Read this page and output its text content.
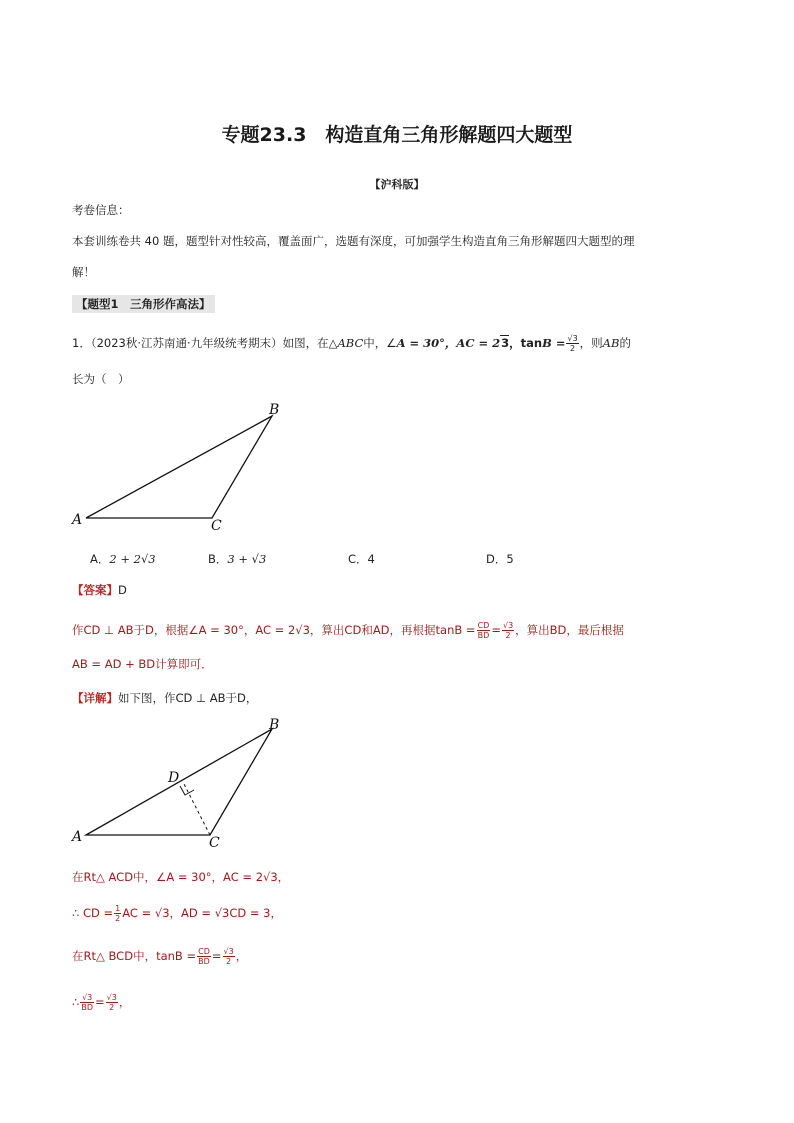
专题23.3　构造直角三角形解题四大题型
【沪科版】
考卷信息：
本套训练卷共 40 题，题型针对性较高，覆盖面广，选题有深度，可加强学生构造直角三角形解题四大题型的理
解！
【题型1　三角形作高法】
1．（2023秋·江苏南通·九年级统考期末）如图，在△ABC中，∠A = 30°，AC = 23，$\tan B = \frac{√3}{2}$ ，则AB的
长为（　）
A
B
C
A．2 + 2√3	B．3 + √3	C．4	D．5
【答案】D
作CD ⊥ AB于D，根据∠A = 30°，AC = 2√3，算出CD和AD，再根据$\tan B = \frac{CD}{BD} = \frac{√3}{2}$ ，算出BD，最后根据
AB = AD + BD计算即可．
【详解】如下图，作CD ⊥ AB于D，
A
B
C
D
在Rt△ ACD中，∠A = 30°，AC = 2√3，
∴ CD = $\frac{1}{2}$ AC = √3，AD = √3CD = 3，
在Rt△ BCD中，$\tan B = \frac{CD}{BD} = \frac{√3}{2}$ ，
∴ $\frac{√3}{BD} = \frac{√3}{2}$ ，
